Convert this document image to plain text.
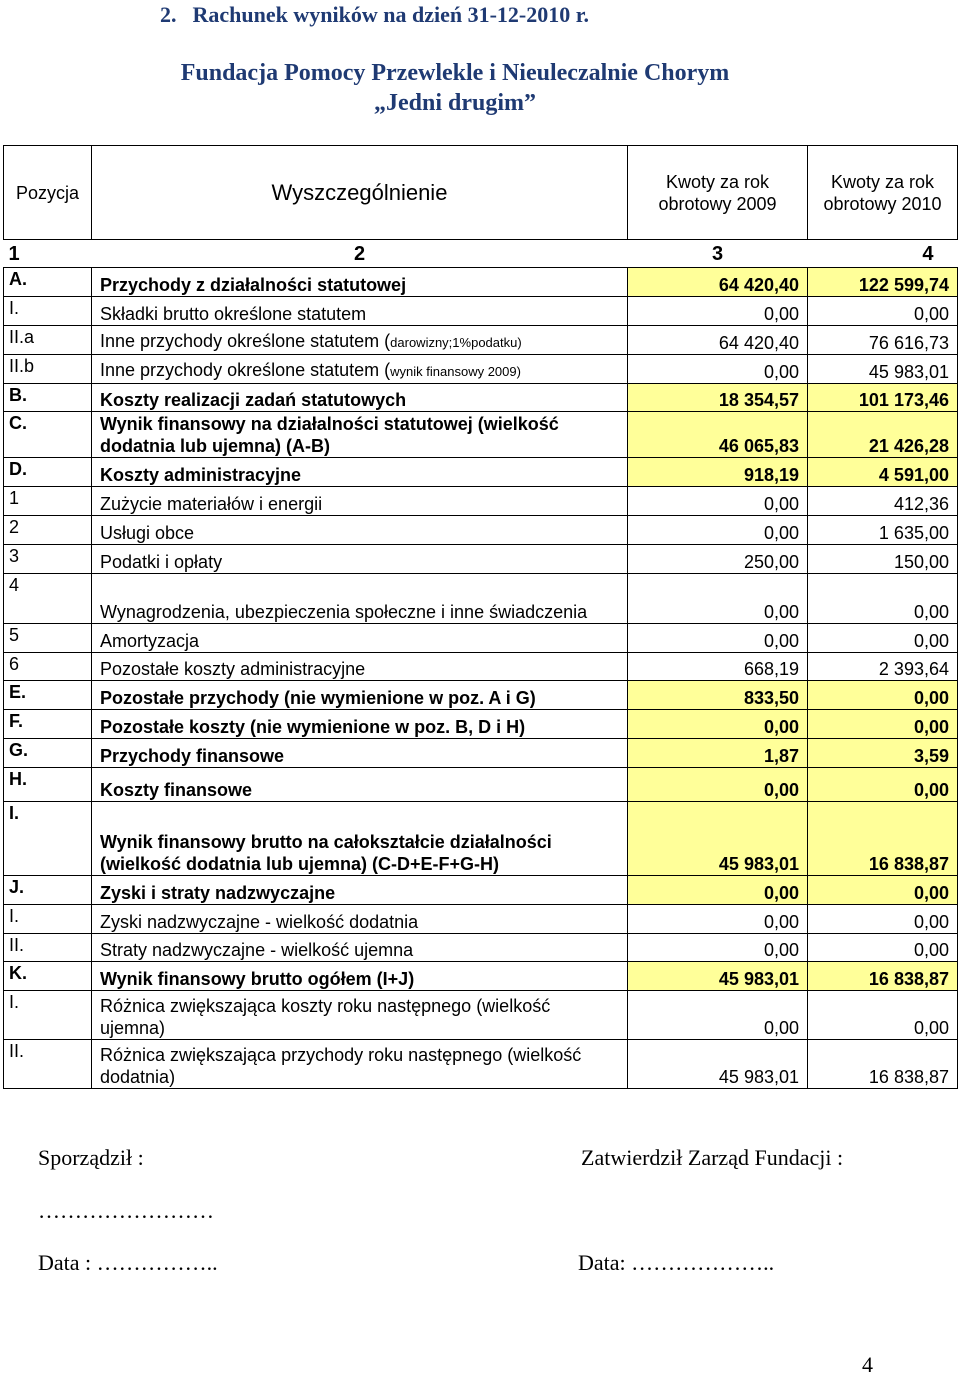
2. Rachunek wyników na dzień 31-12-2010 r.
Fundacja Pomocy Przewlekle i Nieuleczalnie Chorym
„Jedni drugim”
Pozycja	Wyszczególnienie	Kwoty za rok obrotowy 2009	Kwoty za rok obrotowy 2010
1	2	3	4
A.	Przychody z działalności statutowej	64 420,40	122 599,74
I.	Składki brutto określone statutem	0,00	0,00
II.a	Inne przychody określone statutem (darowizny;1%podatku)	64 420,40	76 616,73
II.b	Inne przychody określone statutem (wynik finansowy 2009)	0,00	45 983,01
B.	Koszty realizacji zadań statutowych	18 354,57	101 173,46
C.	Wynik finansowy na działalności statutowej (wielkość dodatnia lub ujemna) (A-B)	46 065,83	21 426,28
D.	Koszty administracyjne	918,19	4 591,00
1	Zużycie materiałów i energii	0,00	412,36
2	Usługi obce	0,00	1 635,00
3	Podatki i opłaty	250,00	150,00
4	Wynagrodzenia, ubezpieczenia społeczne i inne świadczenia	0,00	0,00
5	Amortyzacja	0,00	0,00
6	Pozostałe koszty administracyjne	668,19	2 393,64
E.	Pozostałe przychody (nie wymienione w poz. A i G)	833,50	0,00
F.	Pozostałe koszty (nie wymienione w poz. B, D i H)	0,00	0,00
G.	Przychody finansowe	1,87	3,59
H.	Koszty finansowe	0,00	0,00
I.	Wynik finansowy brutto na całokształcie działalności (wielkość dodatnia lub ujemna) (C-D+E-F+G-H)	45 983,01	16 838,87
J.	Zyski i straty nadzwyczajne	0,00	0,00
I.	Zyski nadzwyczajne - wielkość dodatnia	0,00	0,00
II.	Straty nadzwyczajne - wielkość ujemna	0,00	0,00
K.	Wynik finansowy brutto ogółem (I+J)	45 983,01	16 838,87
I.	Różnica zwiększająca koszty roku następnego (wielkość ujemna)	0,00	0,00
II.	Różnica zwiększająca przychody roku następnego (wielkość dodatnia)	45 983,01	16 838,87
Sporządził :	Zatwierdził Zarząd Fundacji :
……………………
Data : ……………..	Data: ………………..
4
